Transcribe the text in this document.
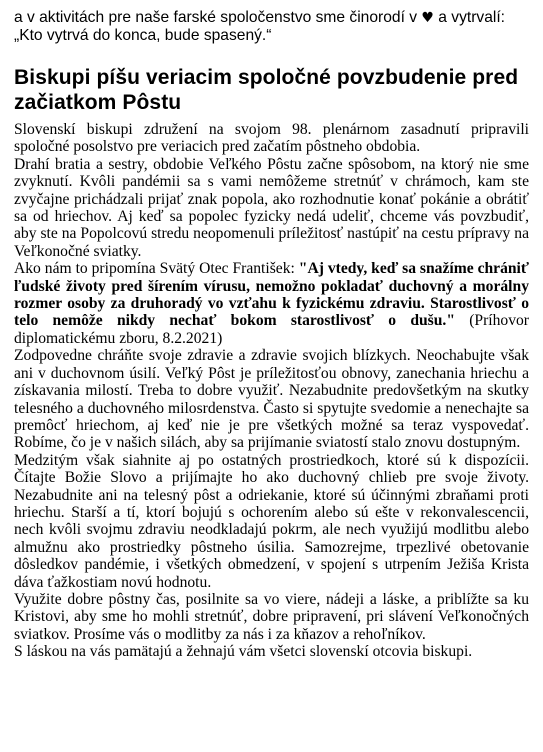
a v aktivitách pre naše farské spoločenstvo sme činorodí v ♥ a vytrvalí:
„Kto vytrvá do konca, bude spasený.“

Biskupi píšu veriacim spoločné povzbudenie pred začiatkom Pôstu

Slovenskí biskupi združení na svojom 98. plenárnom zasadnutí pripravili spoločné posolstvo pre veriacich pred začatím pôstneho obdobia.

Drahí bratia a sestry, obdobie Veľkého Pôstu začne spôsobom, na ktorý nie sme zvyknutí. Kvôli pandémii sa s vami nemôžeme stretnúť v chrámoch, kam ste zvyčajne prichádzali prijať znak popola, ako rozhodnutie konať pokánie a obrátiť sa od hriechov. Aj keď sa popolec fyzicky nedá udeliť, chceme vás povzbudiť, aby ste na Popolcovú stredu neopomenuli príležitosť nastúpiť na cestu prípravy na Veľkonočné sviatky.

Ako nám to pripomína Svätý Otec František: "Aj vtedy, keď sa snažíme chrániť ľudské životy pred šírením vírusu, nemožno pokladať duchovný a morálny rozmer osoby za druhoradý vo vzťahu k fyzickému zdraviu. Starostlivosť o telo nemôže nikdy nechať bokom starostlivosť o dušu." (Príhovor diplomatickému zboru, 8.2.2021)

Zodpovedne chráňte svoje zdravie a zdravie svojich blízkych. Neochabujte však ani v duchovnom úsilí. Veľký Pôst je príležitosťou obnovy, zanechania hriechu a získavania milostí. Treba to dobre využiť. Nezabudnite predovšetkým na skutky telesného a duchovného milosrdenstva. Často si spytujte svedomie a nenechajte sa premôcť hriechom, aj keď nie je pre všetkých možné sa teraz vyspovedať. Robíme, čo je v našich silách, aby sa prijímanie sviatostí stalo znovu dostupným.

Medzitým však siahnite aj po ostatných prostriedkoch, ktoré sú k dispozícii. Čítajte Božie Slovo a prijímajte ho ako duchovný chlieb pre svoje životy. Nezabudnite ani na telesný pôst a odriekanie, ktoré sú účinnými zbraňami proti hriechu. Starší a tí, ktorí bojujú s ochorením alebo sú ešte v rekonvalescencii, nech kvôli svojmu zdraviu neodkladajú pokrm, ale nech využijú modlitbu alebo almužnu ako prostriedky pôstneho úsilia. Samozrejme, trpezlivé obetovanie dôsledkov pandémie, i všetkých obmedzení, v spojení s utrpením Ježiša Krista dáva ťažkostiam novú hodnotu.

Využite dobre pôstny čas, posilnite sa vo viere, nádeji a láske, a priblížte sa ku Kristovi, aby sme ho mohli stretnúť, dobre pripravení, pri slávení Veľkonočných sviatkov. Prosíme vás o modlitby za nás i za kňazov a rehoľníkov.

S láskou na vás pamätajú a žehnajú vám všetci slovenskí otcovia biskupi.
